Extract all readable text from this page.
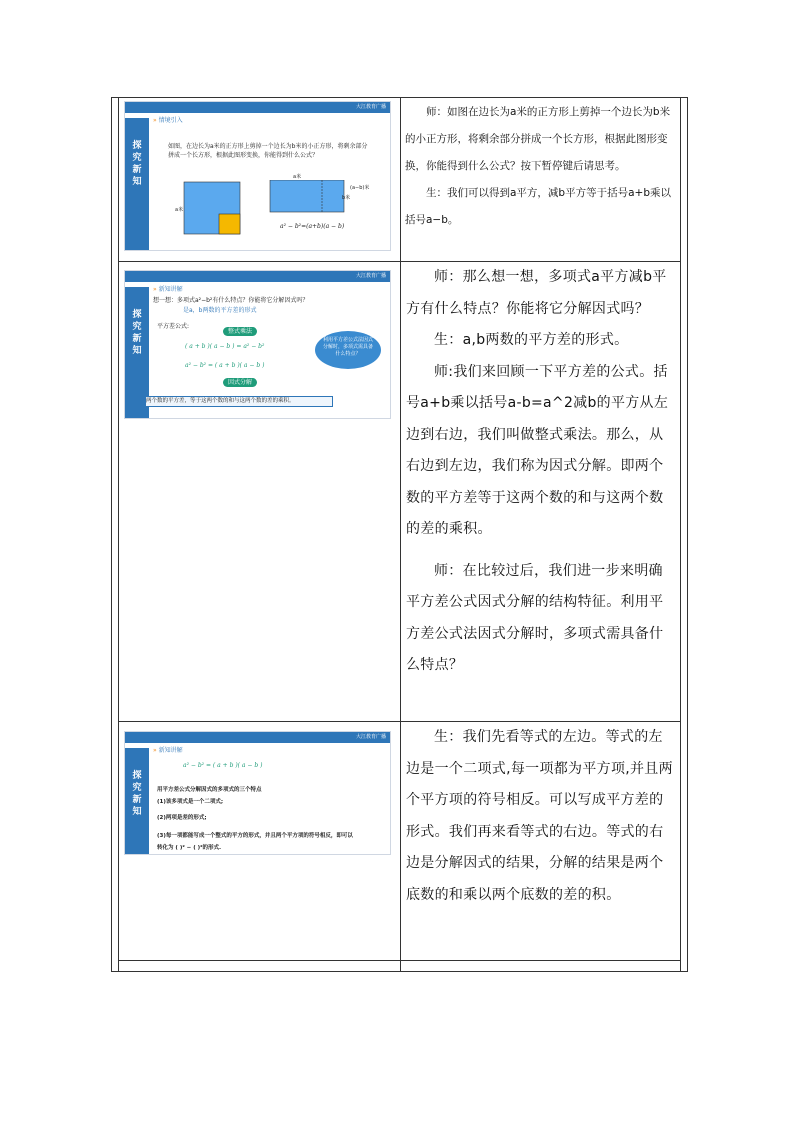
大江教育广播
探究新知
» 情境引入
如图，在边长为a米的正方形上剪掉一个边长为b米的小正方形，将剩余部分拼成一个长方形，根据此图形变换，你能得到什么公式？
a米
a米
b米
(a−b)米
a² − b²=(a+b)(a − b)

师：如图在边长为a米的正方形上剪掉一个边长为b米的小正方形，将剩余部分拼成一个长方形，根据此图形变换，你能得到什么公式？按下暂停键后请思考。

生：我们可以得到a平方，减b平方等于括号a+b乘以括号a−b。

大江教育广播
探究新知
» 新知讲解
想一想：多项式a²−b²有什么特点？你能将它分解因式吗？
是a，b两数的平方差的形式
平方差公式:
整式乘法
( a + b )( a − b ) = a² − b²
a² − b² = ( a + b )( a − b )
因式分解
利用平方差公式法因式分解时，多项式需具备什么特点？
两个数的平方差，等于这两个数的和与这两个数的差的乘积。

师：那么想一想，多项式a平方减b平方有什么特点？你能将它分解因式吗？

生：a,b两数的平方差的形式。

师:我们来回顾一下平方差的公式。括号a+b乘以括号a-b=a^2减b的平方从左边到右边，我们叫做整式乘法。那么，从右边到左边，我们称为因式分解。即两个数的平方差等于这两个数的和与这两个数的差的乘积。

师：在比较过后，我们进一步来明确平方差公式因式分解的结构特征。利用平方差公式法因式分解时，多项式需具备什么特点？

大江教育广播
探究新知
» 新知讲解
a² − b² = ( a + b )( a − b )
用平方差公式分解因式的多项式的三个特点
(1)该多项式是一个二项式;
(2)两项是差的形式;
(3)每一项都能写成一个整式的平方的形式，并且两个平方项的符号相反，即可以转化为 ( )² − ( )²的形式.

生：我们先看等式的左边。等式的左边是一个二项式,每一项都为平方项,并且两个平方项的符号相反。可以写成平方差的形式。我们再来看等式的右边。等式的右边是分解因式的结果，分解的结果是两个底数的和乘以两个底数的差的积。
